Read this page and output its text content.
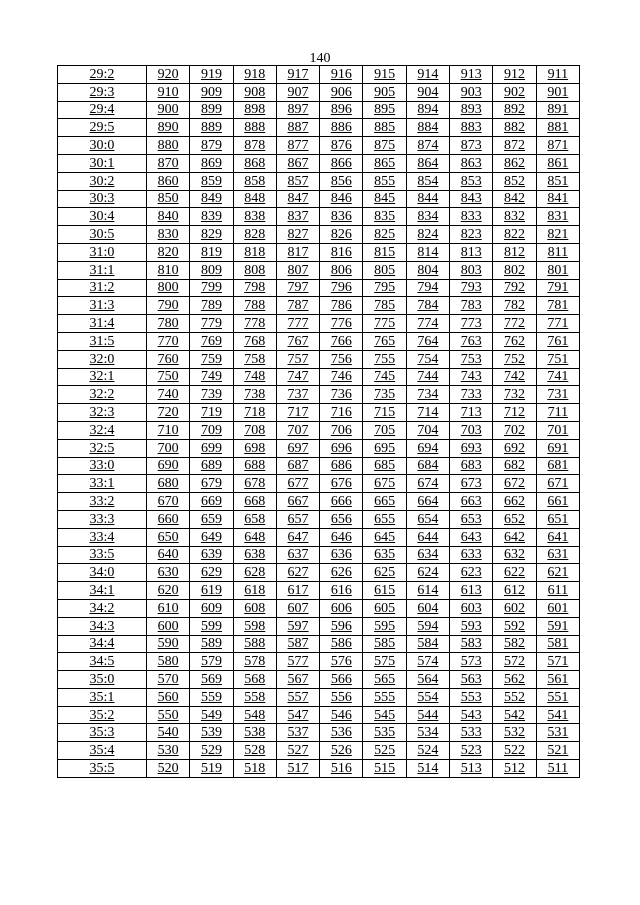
140
29:2	920	919	918	917	916	915	914	913	912	911
29:3	910	909	908	907	906	905	904	903	902	901
29:4	900	899	898	897	896	895	894	893	892	891
29:5	890	889	888	887	886	885	884	883	882	881
30:0	880	879	878	877	876	875	874	873	872	871
30:1	870	869	868	867	866	865	864	863	862	861
30:2	860	859	858	857	856	855	854	853	852	851
30:3	850	849	848	847	846	845	844	843	842	841
30:4	840	839	838	837	836	835	834	833	832	831
30:5	830	829	828	827	826	825	824	823	822	821
31:0	820	819	818	817	816	815	814	813	812	811
31:1	810	809	808	807	806	805	804	803	802	801
31:2	800	799	798	797	796	795	794	793	792	791
31:3	790	789	788	787	786	785	784	783	782	781
31:4	780	779	778	777	776	775	774	773	772	771
31:5	770	769	768	767	766	765	764	763	762	761
32:0	760	759	758	757	756	755	754	753	752	751
32:1	750	749	748	747	746	745	744	743	742	741
32:2	740	739	738	737	736	735	734	733	732	731
32:3	720	719	718	717	716	715	714	713	712	711
32:4	710	709	708	707	706	705	704	703	702	701
32:5	700	699	698	697	696	695	694	693	692	691
33:0	690	689	688	687	686	685	684	683	682	681
33:1	680	679	678	677	676	675	674	673	672	671
33:2	670	669	668	667	666	665	664	663	662	661
33:3	660	659	658	657	656	655	654	653	652	651
33:4	650	649	648	647	646	645	644	643	642	641
33:5	640	639	638	637	636	635	634	633	632	631
34:0	630	629	628	627	626	625	624	623	622	621
34:1	620	619	618	617	616	615	614	613	612	611
34:2	610	609	608	607	606	605	604	603	602	601
34:3	600	599	598	597	596	595	594	593	592	591
34:4	590	589	588	587	586	585	584	583	582	581
34:5	580	579	578	577	576	575	574	573	572	571
35:0	570	569	568	567	566	565	564	563	562	561
35:1	560	559	558	557	556	555	554	553	552	551
35:2	550	549	548	547	546	545	544	543	542	541
35:3	540	539	538	537	536	535	534	533	532	531
35:4	530	529	528	527	526	525	524	523	522	521
35:5	520	519	518	517	516	515	514	513	512	511
